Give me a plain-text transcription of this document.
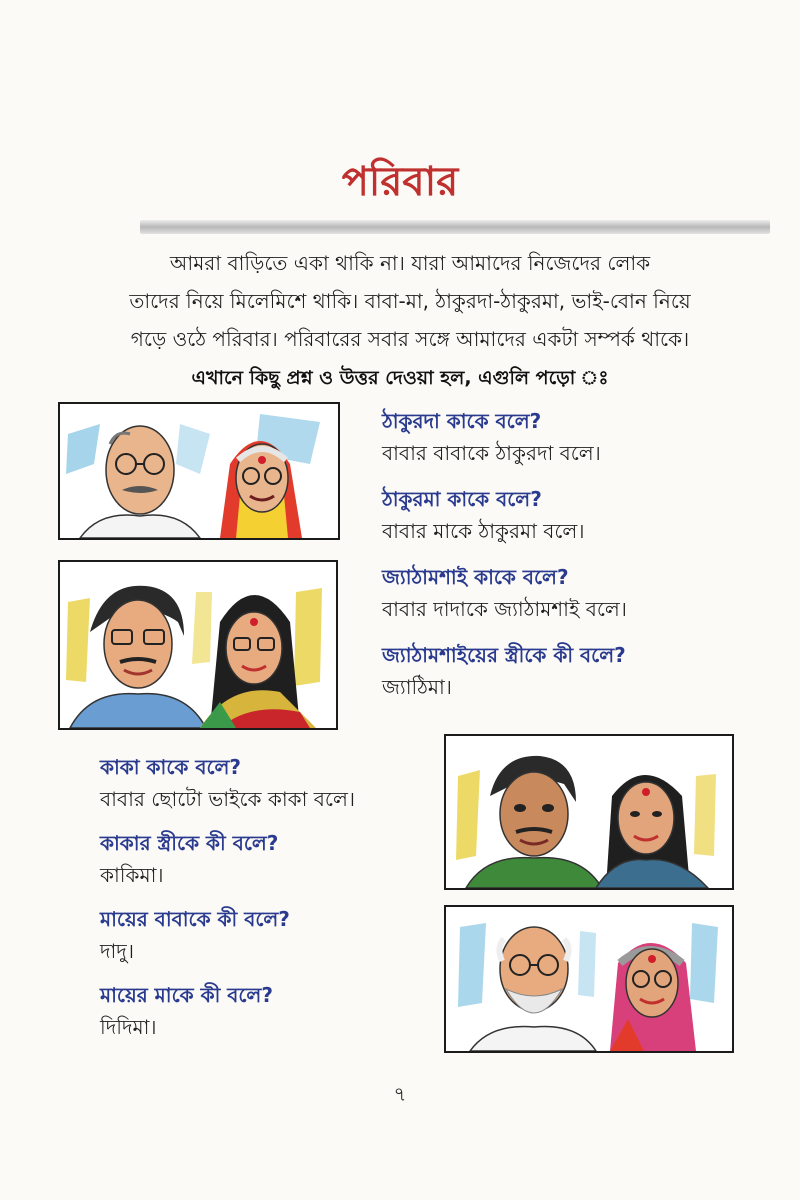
পরিবার

আমরা বাড়িতে একা থাকি না। যারা আমাদের নিজেদের লোক

তাদের নিয়ে মিলেমিশে থাকি। বাবা-মা, ঠাকুরদা-ঠাকুরমা, ভাই-বোন নিয়ে

গড়ে ওঠে পরিবার। পরিবারের সবার সঙ্গে আমাদের একটা সম্পর্ক থাকে।

এখানে কিছু প্রশ্ন ও উত্তর দেওয়া হল, এগুলি পড়ো ঃ

ঠাকুরদা কাকে বলে?

বাবার বাবাকে ঠাকুরদা বলে।

ঠাকুরমা কাকে বলে?

বাবার মাকে ঠাকুরমা বলে।

জ্যাঠামশাই কাকে বলে?

বাবার দাদাকে জ্যাঠামশাই বলে।

জ্যাঠামশাইয়ের স্ত্রীকে কী বলে?

জ্যাঠিমা।

কাকা কাকে বলে?

বাবার ছোটো ভাইকে কাকা বলে।

কাকার স্ত্রীকে কী বলে?

কাকিমা।

মায়ের বাবাকে কী বলে?

দাদু।

মায়ের মাকে কী বলে?

দিদিমা।

৭
